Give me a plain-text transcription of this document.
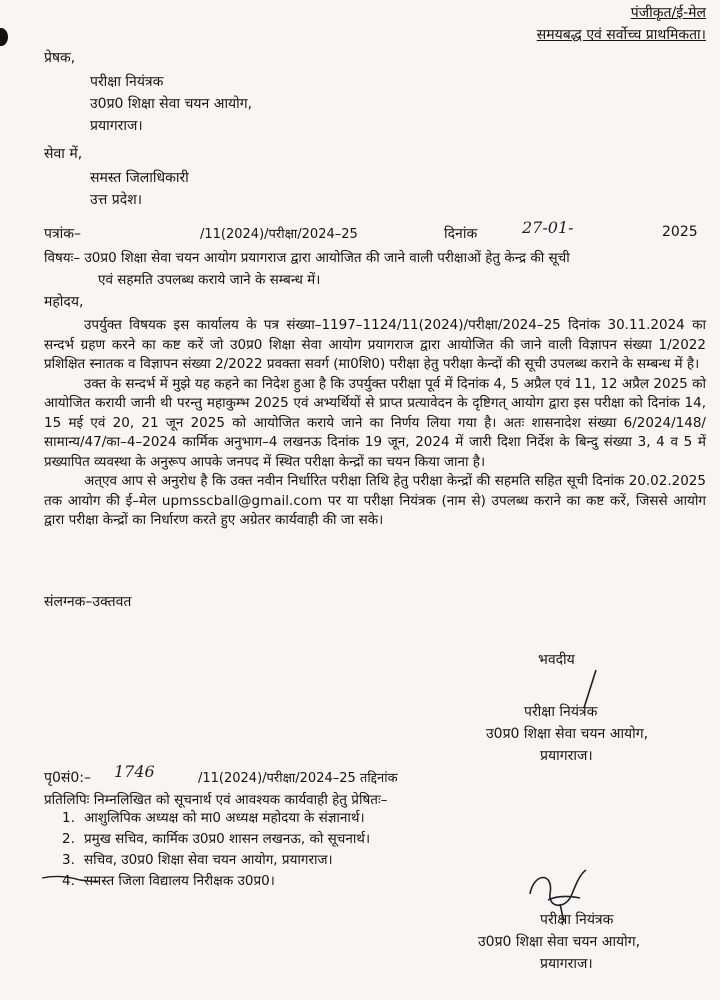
पंजीकृत/ई-मेल
समयबद्ध एवं सर्वोच्च प्राथमिकता।
प्रेषक,
परीक्षा नियंत्रक
उ0प्र0 शिक्षा सेवा चयन आयोग,
प्रयागराज।
सेवा में,
समस्त जिलाधिकारी
उत्त प्रदेश।
पत्रांक–	/11(2024)/परीक्षा/2024–25	दिनांक	27-01-	2025
विषयः– उ0प्र0 शिक्षा सेवा चयन आयोग प्रयागराज द्वारा आयोजित की जाने वाली परीक्षाओं हेतु केन्द्र की सूची
एवं सहमति उपलब्ध कराये जाने के सम्बन्ध में।
महोदय,

उपर्युक्त विषयक इस कार्यालय के पत्र संख्या–1197–1124/11(2024)/परीक्षा/2024–25 दिनांक 30.11.2024 का सन्दर्भ ग्रहण करने का कष्ट करें जो उ0प्र0 शिक्षा सेवा आयोग प्रयागराज द्वारा आयोजित की जाने वाली विज्ञापन संख्या 1/2022 प्रशिक्षित स्नातक व विज्ञापन संख्या 2/2022 प्रवक्ता सवर्ग (मा0शि0) परीक्षा हेतु परीक्षा केन्दों की सूची उपलब्ध कराने के सम्बन्ध में है।

उक्त के सन्दर्भ में मुझे यह कहने का निदेश हुआ है कि उपर्युक्त परीक्षा पूर्व में दिनांक 4, 5 अप्रैल एवं 11, 12 अप्रैल 2025 को आयोजित करायी जानी थी परन्तु महाकुम्भ 2025 एवं अभ्यर्थियों से प्राप्त प्रत्यावेदन के दृष्टिगत् आयोग द्वारा इस परीक्षा को दिनांक 14, 15 मई एवं 20, 21 जून 2025 को आयोजित कराये जाने का निर्णय लिया गया है। अतः शासनादेश संख्या 6/2024/148/सामान्य/47/का–4–2024 कार्मिक अनुभाग–4 लखनऊ दिनांक 19 जून, 2024 में जारी दिशा निर्देश के बिन्दु संख्या 3, 4 व 5 में प्रख्यापित व्यवस्था के अनुरूप आपके जनपद में स्थित परीक्षा केन्द्रों का चयन किया जाना है।

अत्एव आप से अनुरोध है कि उक्त नवीन निर्धारित परीक्षा तिथि हेतु परीक्षा केन्द्रों की सहमति सहित सूची दिनांक 20.02.2025 तक आयोग की ई–मेल upmsscball@gmail.com पर या परीक्षा नियंत्रक (नाम से) उपलब्ध कराने का कष्ट करें, जिससे आयोग द्वारा परीक्षा केन्द्रों का निर्धारण करते हुए अग्रेतर कार्यवाही की जा सके।

संलग्नक–उक्तवत
भवदीय
परीक्षा नियंत्रक
उ0प्र0 शिक्षा सेवा चयन आयोग,
प्रयागराज।
पृ0सं0:– 1746	/11(2024)/परीक्षा/2024–25 तद्दिनांक
प्रतिलिपिः निम्नलिखित को सूचनार्थ एवं आवश्यक कार्यवाही हेतु प्रेषितः–
1. आशुलिपिक अध्यक्ष को मा0 अध्यक्ष महोदया के संज्ञानार्थ।
2. प्रमुख सचिव, कार्मिक उ0प्र0 शासन लखनऊ, को सूचनार्थ।
3. सचिव, उ0प्र0 शिक्षा सेवा चयन आयोग, प्रयागराज।
4. समस्त जिला विद्यालय निरीक्षक उ0प्र0।
परीक्षा नियंत्रक
उ0प्र0 शिक्षा सेवा चयन आयोग,
प्रयागराज।
